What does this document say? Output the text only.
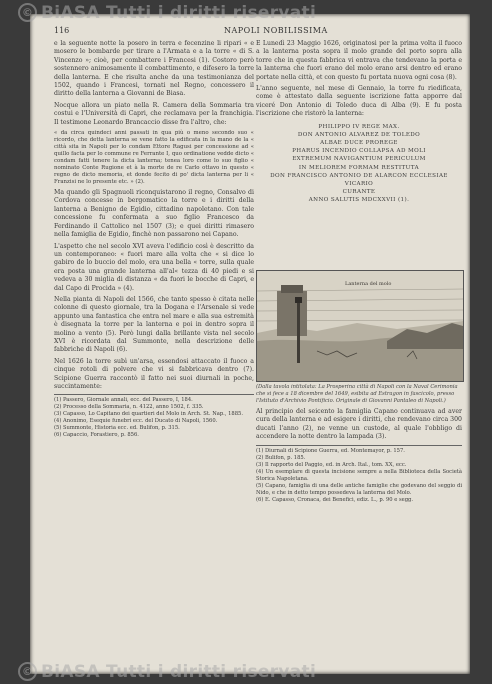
© BiASA Tutti i diritti riservati
© BiASA Tutti i diritti riservati
116	NAPOLI NOBILISSIMA

e la seguente notte la posero in terra e fecenzine li ripari « e mosero le bombarde per tirare a l'Armata e a la torre « di S. Vincenzo »; cioè, per combattere i Francesi (1). Costoro però sostennero animosamente il combattimento, e difesero la torre della lanterna. E che risulta anche da una testimonianza del 1502, quando i Francesi, tornati nel Regno, concessero il diritto della lanterna a Giovanni de Biasa.

Nocque allora un piato nella R. Camera della Sommaria tra costui e l'Università di Capri, che reclamava per la franchigia. Il testimone Leonardo Brancaccio disse fra l'altro, che:

« da circa quindeci anni passati in qua più o meno secondo suo « ricordo, che detta lanterna se vene fatto la edificata in la mano de la « città sita in Napoli per lo condam Ettore Ragusi per concessione ad « quillo facta per lo commune re Ferrante I, quo ordinatione vedde dicto « condam fatti tenere la dicta lanterna; tenea loro come lo suo figlio « nominato Conte Rugione et à la morte de re Carlo ottavo in questo « regno de dicto memoria, et donde fecito di po' dicta lanterna per li « Franzisi ne lo presente etc. » (2).

Ma quando gli Spagnuoli riconquistarono il regno, Consalvo di Cordova concesse in bergomatico la torre e i diritti della lanterna a Benigno de Egidio, cittadino napoletano. Con tale concessione fu confermata a suo figlio Francesco da Ferdinando il Cattolico nel 1507 (3); e quei diritti rimasero nella famiglia de Egidio, finchè non passarono nei Capano.

L'aspetto che nel secolo XVI aveva l'edificio così è descritto da un contemporaneo: « fuori mare alla volta che « si dice lo gabiro de lo buccio del molo, era una bella « torre, sulla quale era posta una grande lanterna all'al« tezza di 40 piedi e si vedeva a 30 miglia di distanza « da fuori le bocche di Capri, e dal Capo di Procida » (4).

Nella pianta di Napoli del 1566, che tanto spesso è citata nelle colonne di questo giornale, tra la Dogana e l'Arsenale si vede appunto una fantastica che entra nel mare e alla sua estremità è disegnata la torre per la lanterna e poi in dentro sopra il molino a vento (5). Però lungi dalla brillante vista nel secolo XVI è ricordata dal Summonte, nella descrizione delle fabbriche di Napoli (6).

Nel 1626 la torre subì un'arsa, essendosi attaccato il fuoco a cinque rotoli di polvere che vi si fabbricava dentro (7). Scipione Guerra raccontò il fatto nei suoi diurnali in poche, succintamente:

(1) Passero, Giornale annali, ecc. del Passero, I, 184.
(2) Processo della Sommaria, n. 4122, anno 1502, f. 335.
(3) Capasso, Lo Capitano dei quartieri del Molo in Arch. St. Nap., 1885.
(4) Anonimo, Esequie funebri ecc. del Ducato di Napoli, 1560.
(5) Summonte, Historia ecc. ed. Bulifon, p. 315.
(6) Capaccio, Forastiero, p. 856.

E Lunedì 23 Maggio 1626, originatosi per la prima volta il fuoco a la lanterna posta sopra il molo grande del porto sopra alla torre che in questa fabbrica vi entrava che tendevano la porta e la lanterna che fuori erano del molo erano arsi dentro ed erano portate nella città, et con questo fu portata nuova ogni cosa (8).

L'anno seguente, nel mese di Gennaio, la torre fu riedificata, come è attestato dalla seguente iscrizione fatta apporre dal viceré Don Antonio di Toledo duca di Alba (9). E fu posta l'iscrizione che ristorò la lanterna:

PHILIPPO IV REGE MAX.
DON ANTONIO ALVAREZ DE TOLEDO
ALBAE DUCE PROREGE
PHARUS INCENDIO COLLAPSA AD MOLI
EXTREMUM NAVIGANTIUM PERICULUM
IN MELIOREM FORMAM RESTITUTA
DON FRANCISCO ANTONIO DE ALARCON ECCLESIAE VICARIO
CURANTE
ANNO SALUTIS MDCXXVII (1).
Lanterna del molo
(Dalla tavola intitolata: La Prosperina città di Napoli con la Naval Cerimonia che si fece a 18 dicembre del 1649, esibita ad Estragon in fascicolo, presso l'Istituto d'Archivio Pontificio. Originale di Giovanni Pantaleo di Napoli.)

Al principio del seicento la famiglia Capano continuava ad aver cura della lanterna e ad esigere i diritti, che rendevano circa 300 ducati l'anno (2), ne venne un custode, al quale l'obbligo di accendere la notte dentro la lampada (3).

(1) Diurnali di Scipione Guerra, ed. Montemayor, p. 157.
(2) Bulifon, p. 185.
(3) Il rapporto del Paggio, ed. in Arch. Ital., tom. XX, ecc.
(4) Un esemplare di questa incisione sempre a nella Biblioteca della Società Storica Napoletana.
(5) Capano, famiglia di una delle antiche famiglie che godevano del seggio di Nido, e che in detto tempo possedeva la lanterna del Molo.
(6) E. Capasso, Cronaca, dei Benefici, ediz. L., p. 90 e segg.
